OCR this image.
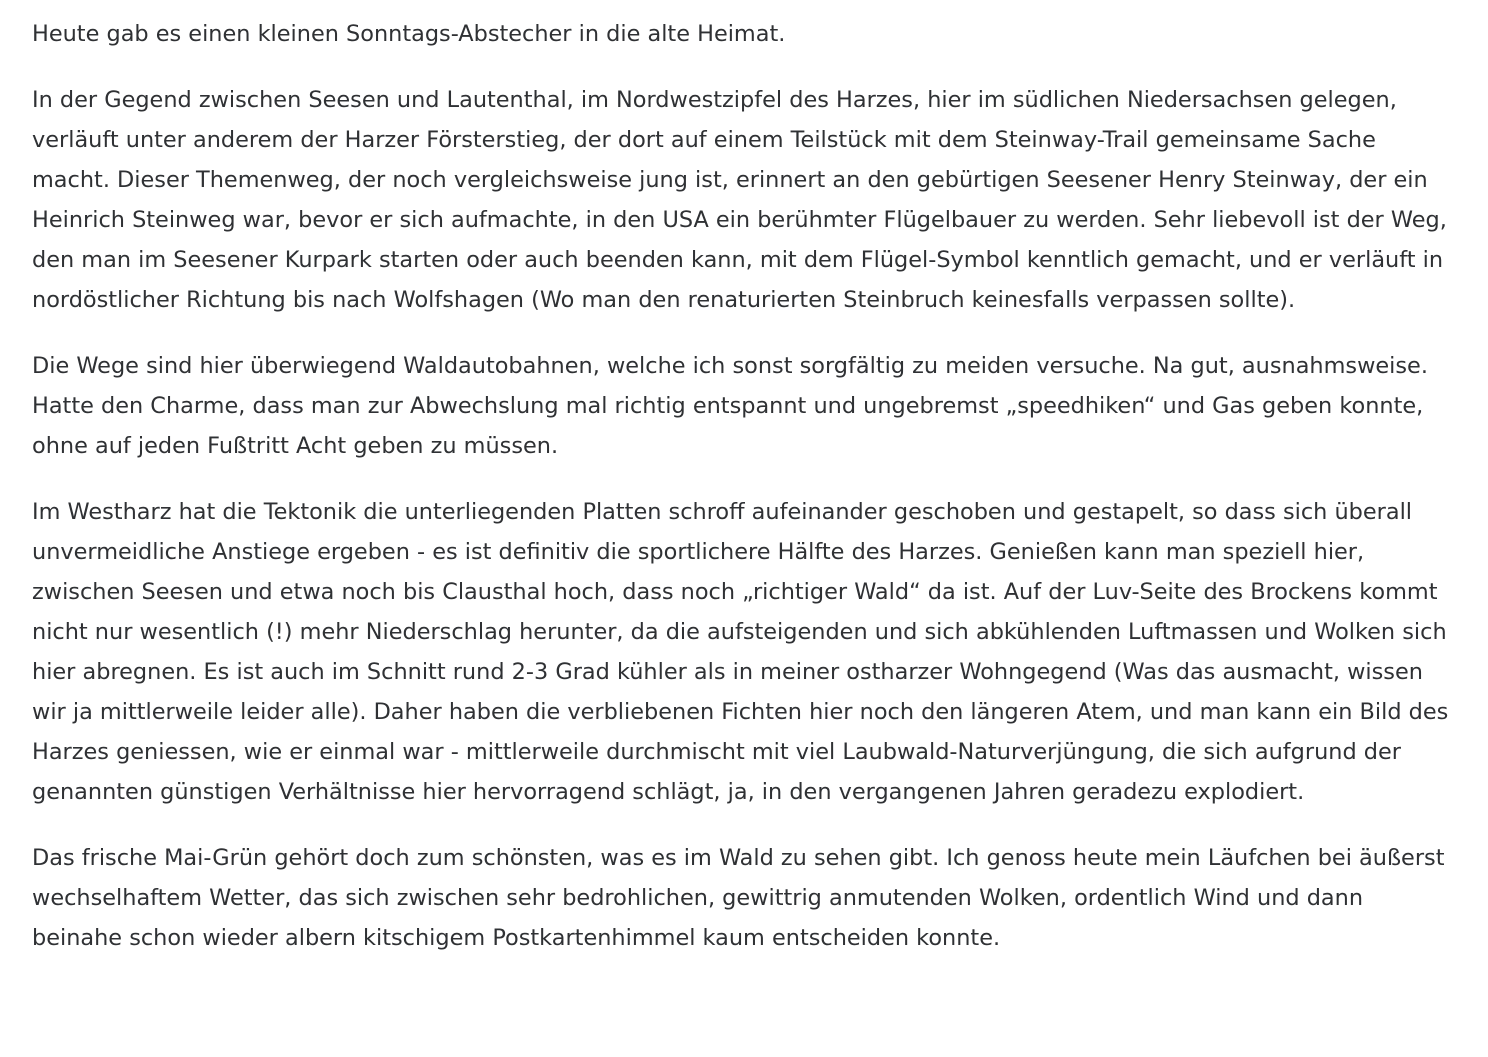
Heute gab es einen kleinen Sonntags-Abstecher in die alte Heimat.

In der Gegend zwischen Seesen und Lautenthal, im Nordwestzipfel des Harzes, hier im südlichen Niedersachsen gelegen, verläuft unter anderem der Harzer Försterstieg, der dort auf einem Teilstück mit dem Steinway-Trail gemeinsame Sache macht. Dieser Themenweg, der noch vergleichsweise jung ist, erinnert an den gebürtigen Seesener Henry Steinway, der ein Heinrich Steinweg war, bevor er sich aufmachte, in den USA ein berühmter Flügelbauer zu werden. Sehr liebevoll ist der Weg, den man im Seesener Kurpark starten oder auch beenden kann, mit dem Flügel-Symbol kenntlich gemacht, und er verläuft in nordöstlicher Richtung bis nach Wolfshagen (Wo man den renaturierten Steinbruch keinesfalls verpassen sollte).

Die Wege sind hier überwiegend Waldautobahnen, welche ich sonst sorgfältig zu meiden versuche. Na gut, ausnahmsweise. Hatte den Charme, dass man zur Abwechslung mal richtig entspannt und ungebremst „speedhiken“ und Gas geben konnte, ohne auf jeden Fußtritt Acht geben zu müssen.

Im Westharz hat die Tektonik die unterliegenden Platten schroff aufeinander geschoben und gestapelt, so dass sich überall unvermeidliche Anstiege ergeben - es ist definitiv die sportlichere Hälfte des Harzes. Genießen kann man speziell hier, zwischen Seesen und etwa noch bis Clausthal hoch, dass noch „richtiger Wald“ da ist. Auf der Luv-Seite des Brockens kommt nicht nur wesentlich (!) mehr Niederschlag herunter, da die aufsteigenden und sich abkühlenden Luftmassen und Wolken sich hier abregnen. Es ist auch im Schnitt rund 2-3 Grad kühler als in meiner ostharzer Wohngegend (Was das ausmacht, wissen wir ja mittlerweile leider alle). Daher haben die verbliebenen Fichten hier noch den längeren Atem, und man kann ein Bild des Harzes geniessen, wie er einmal war - mittlerweile durchmischt mit viel Laubwald-Naturverjüngung, die sich aufgrund der genannten günstigen Verhältnisse hier hervorragend schlägt, ja, in den vergangenen Jahren geradezu explodiert.

Das frische Mai-Grün gehört doch zum schönsten, was es im Wald zu sehen gibt. Ich genoss heute mein Läufchen bei äußerst wechselhaftem Wetter, das sich zwischen sehr bedrohlichen, gewittrig anmutenden Wolken, ordentlich Wind und dann beinahe schon wieder albern kitschigem Postkartenhimmel kaum entscheiden konnte.
